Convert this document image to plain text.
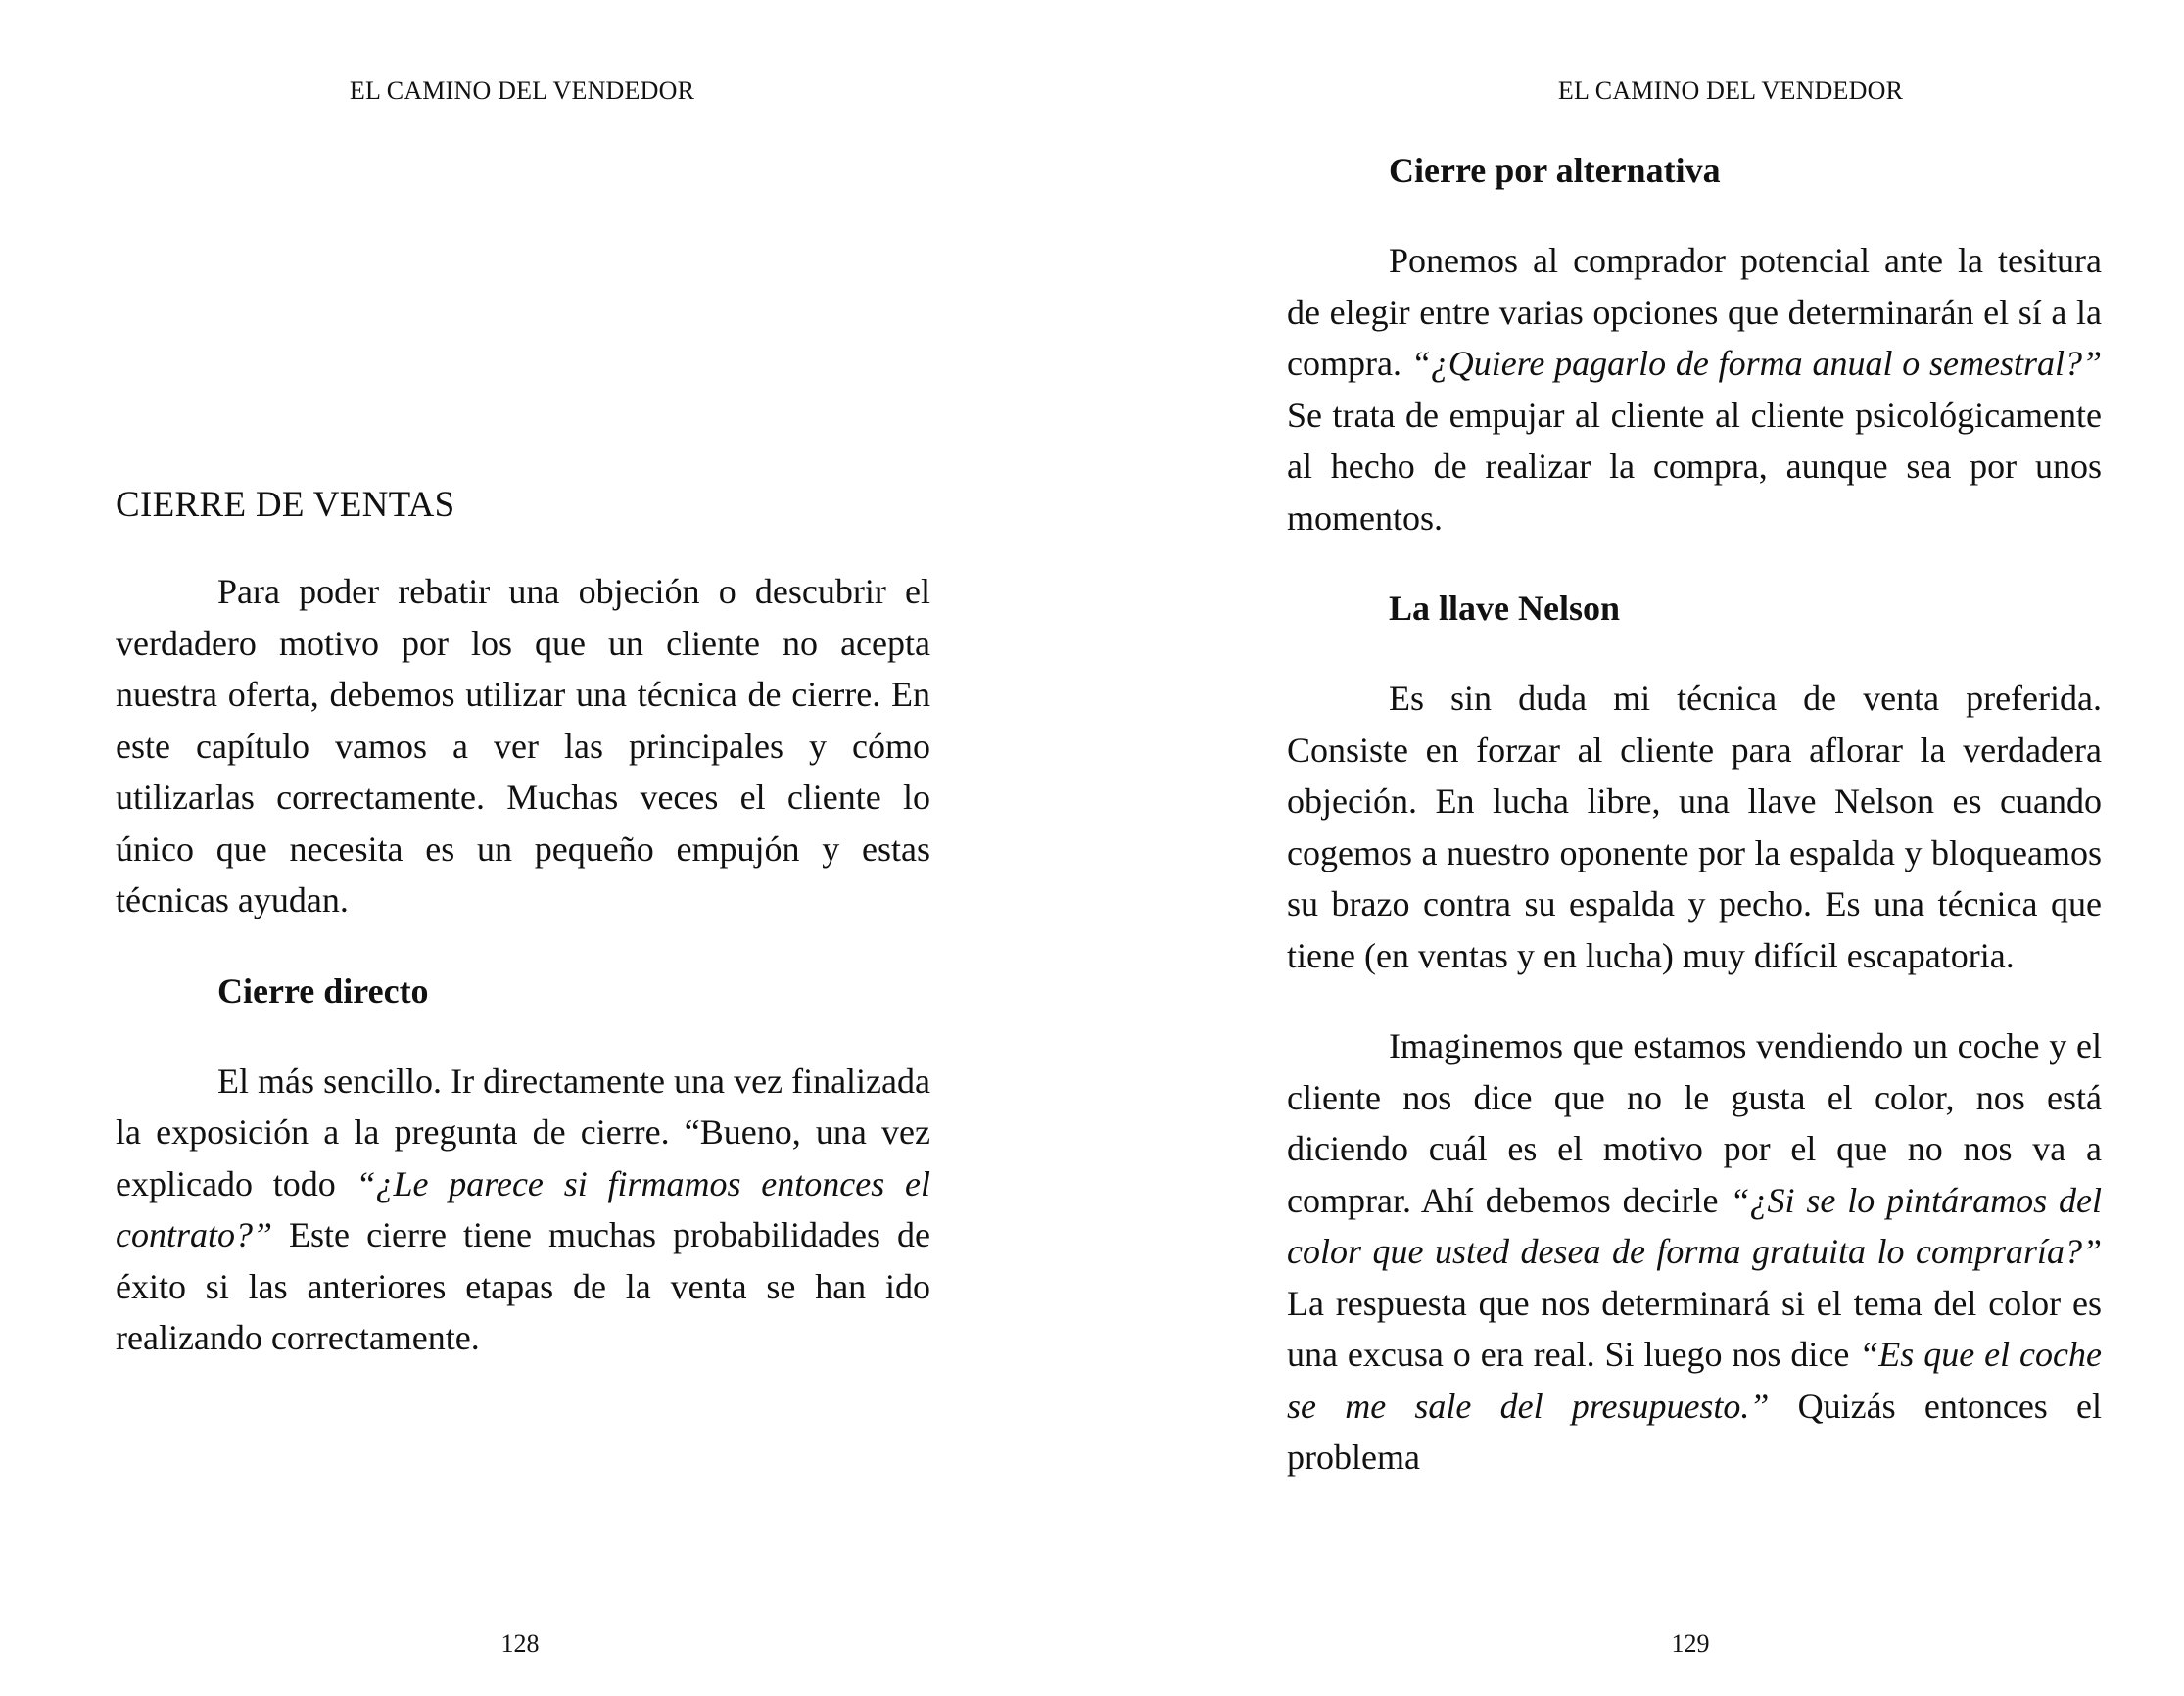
EL CAMINO DEL VENDEDOR
CIERRE DE VENTAS

Para poder rebatir una objeción o descubrir el verdadero motivo por los que un cliente no acepta nuestra oferta, debemos utilizar una técnica de cierre. En este capítulo vamos a ver las principales y cómo utilizarlas correctamente. Muchas veces el cliente lo único que necesita es un pequeño empujón y estas técnicas ayudan.

Cierre directo

El más sencillo. Ir directamente una vez finalizada la exposición a la pregunta de cierre. “Bueno, una vez explicado todo “¿Le parece si firmamos entonces el contrato?” Este cierre tiene muchas probabilidades de éxito si las anteriores etapas de la venta se han ido realizando correctamente.

128
EL CAMINO DEL VENDEDOR
Cierre por alternativa

Ponemos al comprador potencial ante la tesitura de elegir entre varias opciones que determinarán el sí a la compra. “¿Quiere pagarlo de forma anual o semestral?” Se trata de empujar al cliente al cliente psicológicamente al hecho de realizar la compra, aunque sea por unos momentos.

La llave Nelson

Es sin duda mi técnica de venta preferida. Consiste en forzar al cliente para aflorar la verdadera objeción. En lucha libre, una llave Nelson es cuando cogemos a nuestro oponente por la espalda y bloqueamos su brazo contra su espalda y pecho. Es una técnica que tiene (en ventas y en lucha) muy difícil escapatoria.

Imaginemos que estamos vendiendo un coche y el cliente nos dice que no le gusta el color, nos está diciendo cuál es el motivo por el que no nos va a comprar. Ahí debemos decirle “¿Si se lo pintáramos del color que usted desea de forma gratuita lo compraría?” La respuesta que nos determinará si el tema del color es una excusa o era real. Si luego nos dice “Es que el coche se me sale del presupuesto.” Quizás entonces el problema

129
